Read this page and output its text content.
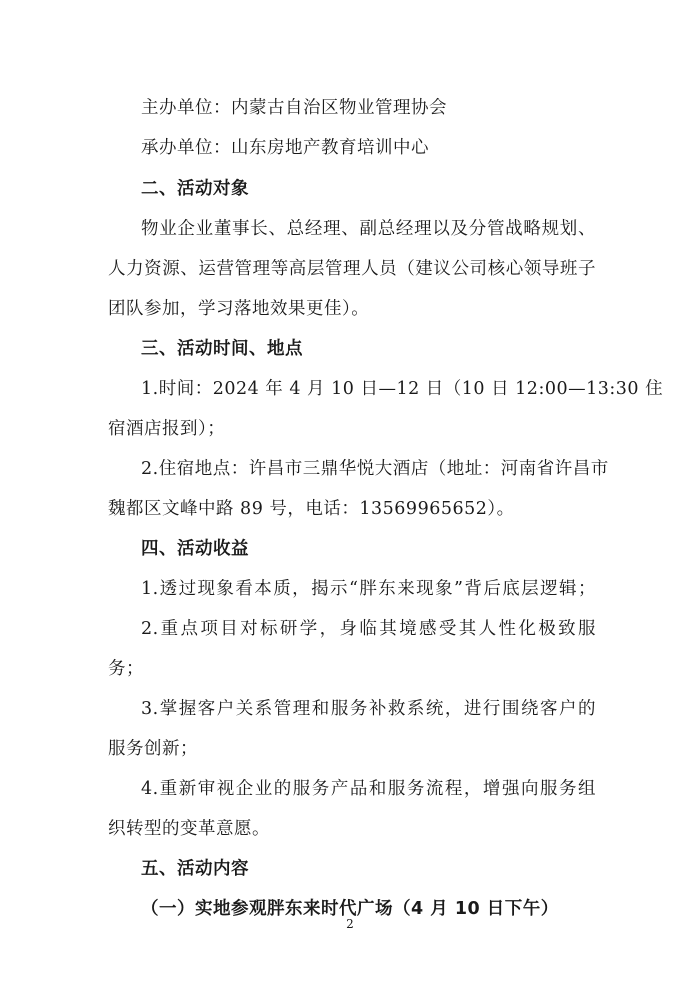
主办单位：内蒙古自治区物业管理协会
承办单位：山东房地产教育培训中心
二、活动对象
物业企业董事长、总经理、副总经理以及分管战略规划、
人力资源、运营管理等高层管理人员（建议公司核心领导班子
团队参加，学习落地效果更佳）。
三、活动时间、地点
1.时间：2024 年 4 月 10 日—12 日（10 日 12:00—13:30 住
宿酒店报到）；
2.住宿地点：许昌市三鼎华悦大酒店（地址：河南省许昌市
魏都区文峰中路 89 号，电话：13569965652）。
四、活动收益
1.透过现象看本质，揭示“胖东来现象”背后底层逻辑；
2.重点项目对标研学，身临其境感受其人性化极致服
务；
3.掌握客户关系管理和服务补救系统，进行围绕客户的
服务创新；
4.重新审视企业的服务产品和服务流程，增强向服务组
织转型的变革意愿。
五、活动内容
（一）实地参观胖东来时代广场（4 月 10 日下午）
2
